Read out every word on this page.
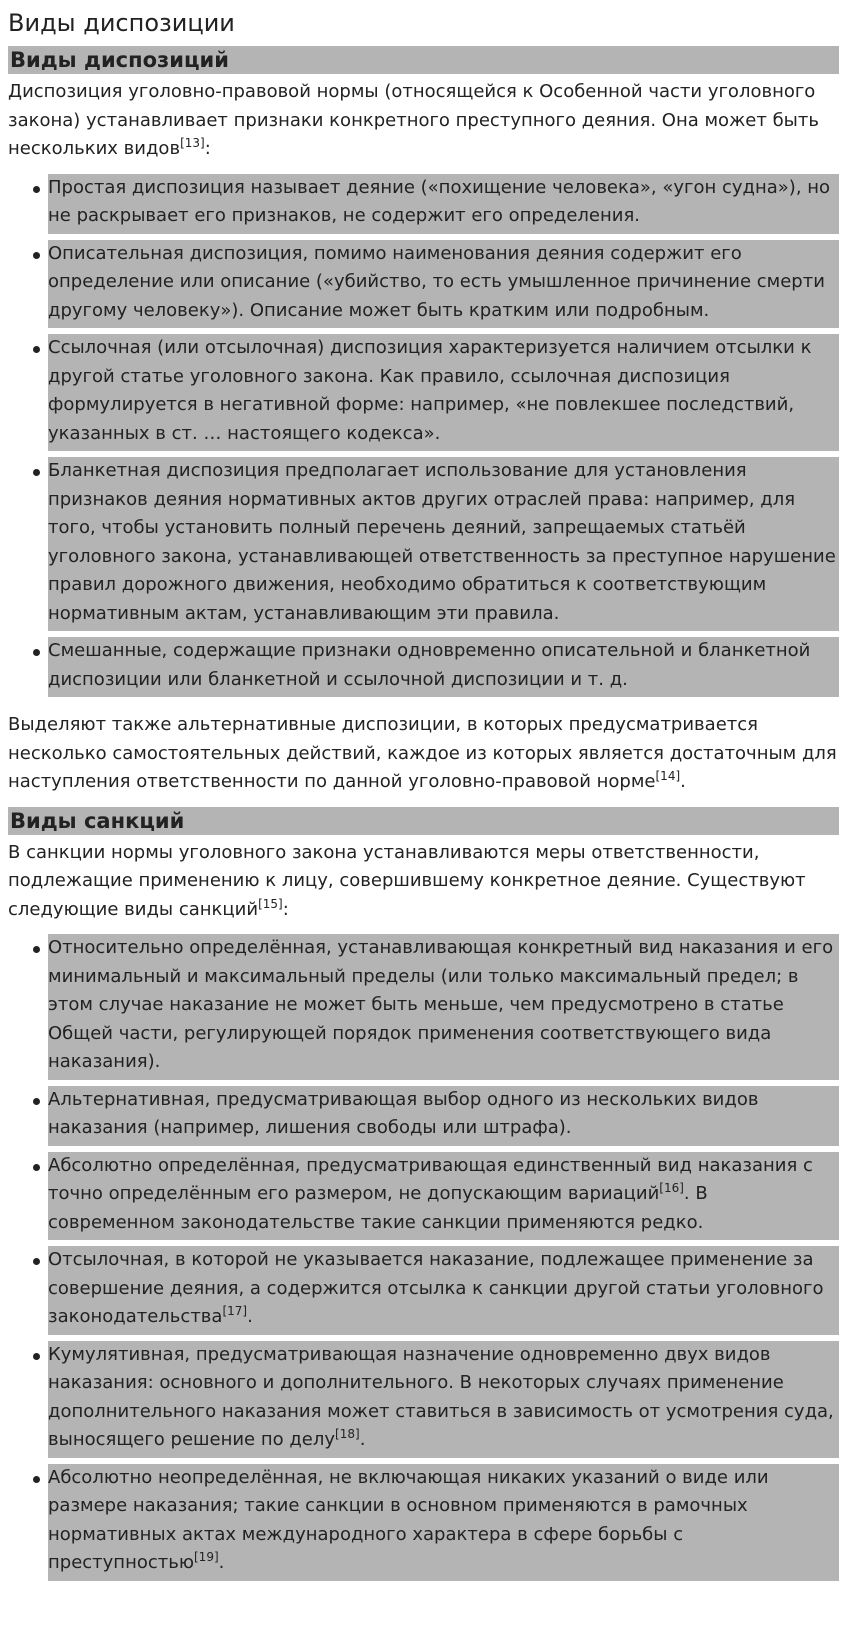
Виды диспозиции
Виды диспозиций

Диспозиция уголовно-правовой нормы (относящейся к Особенной части уголовного закона) устанавливает признаки конкретного преступного деяния. Она может быть нескольких видов[13]:

Простая диспозиция называет деяние («похищение человека», «угон судна»), но не раскрывает его признаков, не содержит его определения.
Описательная диспозиция, помимо наименования деяния содержит его определение или описание («убийство, то есть умышленное причинение смерти другому человеку»). Описание может быть кратким или подробным.
Ссылочная (или отсылочная) диспозиция характеризуется наличием отсылки к другой статье уголовного закона. Как правило, ссылочная диспозиция формулируется в негативной форме: например, «не повлекшее последствий, указанных в ст. … настоящего кодекса».
Бланкетная диспозиция предполагает использование для установления признаков деяния нормативных актов других отраслей права: например, для того, чтобы установить полный перечень деяний, запрещаемых статьёй уголовного закона, устанавливающей ответственность за преступное нарушение правил дорожного движения, необходимо обратиться к соответствующим нормативным актам, устанавливающим эти правила.
Смешанные, содержащие признаки одновременно описательной и бланкетной диспозиции или бланкетной и ссылочной диспозиции и т. д.

Выделяют также альтернативные диспозиции, в которых предусматривается несколько самостоятельных действий, каждое из которых является достаточным для наступления ответственности по данной уголовно-правовой норме[14].

Виды санкций

В санкции нормы уголовного закона устанавливаются меры ответственности, подлежащие применению к лицу, совершившему конкретное деяние. Существуют следующие виды санкций[15]:

Относительно определённая, устанавливающая конкретный вид наказания и его минимальный и максимальный пределы (или только максимальный предел; в этом случае наказание не может быть меньше, чем предусмотрено в статье Общей части, регулирующей порядок применения соответствующего вида наказания).
Альтернативная, предусматривающая выбор одного из нескольких видов наказания (например, лишения свободы или штрафа).
Абсолютно определённая, предусматривающая единственный вид наказания с точно определённым его размером, не допускающим вариаций[16]. В современном законодательстве такие санкции применяются редко.
Отсылочная, в которой не указывается наказание, подлежащее применение за совершение деяния, а содержится отсылка к санкции другой статьи уголовного законодательства[17].
Кумулятивная, предусматривающая назначение одновременно двух видов наказания: основного и дополнительного. В некоторых случаях применение дополнительного наказания может ставиться в зависимость от усмотрения суда, выносящего решение по делу[18].
Абсолютно неопределённая, не включающая никаких указаний о виде или размере наказания; такие санкции в основном применяются в рамочных нормативных актах международного характера в сфере борьбы с преступностью[19].
